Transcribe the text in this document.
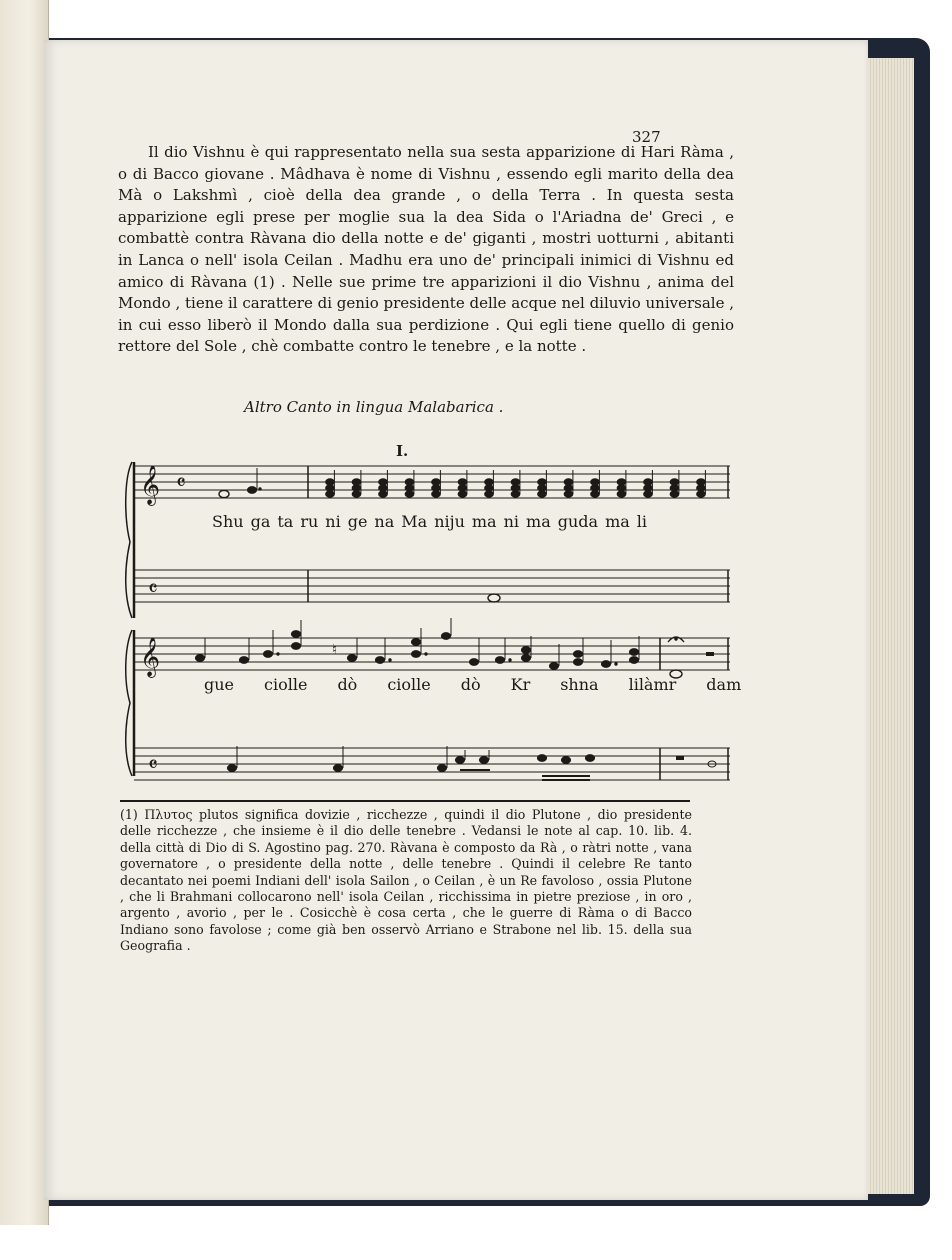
327

Il dio Vishnu è qui rappresentato nella sua sesta apparizione di Hari Ràma , o di Bacco giovane . Mâdhava è nome di Vishnu , essendo egli marito della dea Mà o Lakshmì , cioè della dea grande , o della Terra . In questa sesta apparizione egli prese per moglie sua la dea Sida o l'Ariadna de' Greci , e combattè contra Ràvana dio della notte e de' giganti , mostri uotturni , abitanti in Lanca o nell' isola Ceilan . Madhu era uno de' principali inimici di Vishnu ed amico di Ràvana (1) . Nelle sue prime tre apparizioni il dio Vishnu , anima del Mondo , tiene il carattere di genio presidente delle acque nel diluvio universale , in cui esso liberò il Mondo dalla sua perdizione . Qui egli tiene quello di genio rettore del Sole , chè combatte contro le tenebre , e la notte .

Altro Canto in lingua Malabarica .
I.
𝄞
𝄞
𝄴
𝄴
𝄴
♮
Shu ga ta ru ni ge na Ma niju ma ni ma guda ma li
gue ciolle dò ciolle dò Kr shna lilàmr dam

(1) Πλυτος plutos significa dovizie , ricchezze , quindi il dio Plutone , dio presidente delle ricchezze , che insieme è il dio delle tenebre . Vedansi le note al cap. 10. lib. 4. della città di Dio di S. Agostino pag. 270. Ràvana è composto da Rà , o ràtri notte , vana governatore , o presidente della notte , delle tenebre . Quindi il celebre Re tanto decantato nei poemi Indiani dell' isola Sailon , o Ceilan , è un Re favoloso , ossia Plutone , che li Brahmani collocarono nell' isola Ceilan , ricchissima in pietre preziose , in oro , argento , avorio , per le . Cosicchè è cosa certa , che le guerre di Ràma o di Bacco Indiano sono favolose ; come già ben osservò Arriano e Strabone nel lib. 15. della sua Geografia .
